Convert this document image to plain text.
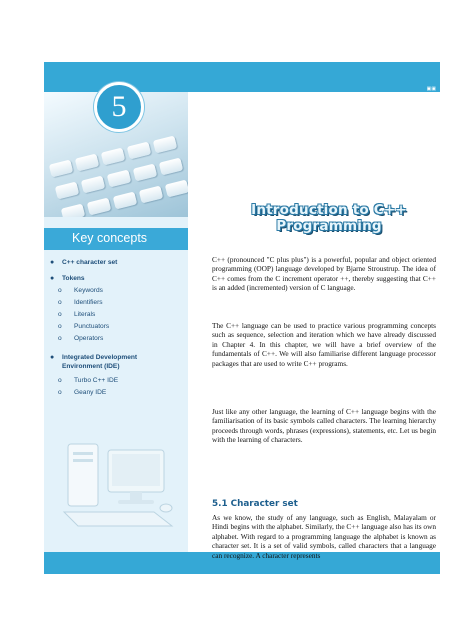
▣▣
5
Key concepts
● C++ character set
● Tokens
o Keywords
o Identifiers
o Literals
o Punctuators
o Operators
● Integrated Development
Environment (IDE)
o Turbo C++ IDE
o Geany IDE
Introduction to C++
Programming
C++ (pronounced "C plus plus") is a powerful, popular and object oriented programming (OOP) language developed by Bjarne Stroustrup. The idea of C++ comes from the C increment operator ++, thereby suggesting that C++ is an added (incremented) version of C language.
The C++ language can be used to practice various programming concepts such as sequence, selection and iteration which we have already discussed in Chapter 4. In this chapter, we will have a brief overview of the fundamentals of C++. We will also familiarise different language processor packages that are used to write C++ programs.
Just like any other language, the learning of C++ language begins with the familiarisation of its basic symbols called characters. The learning hierarchy proceeds through words, phrases (expressions), statements, etc. Let us begin with the learning of characters.
5.1 Character set
As we know, the study of any language, such as English, Malayalam or Hindi begins with the alphabet. Similarly, the C++ language also has its own alphabet. With regard to a programming language the alphabet is known as character set. It is a set of valid symbols, called characters that a language can recognize. A character represents
